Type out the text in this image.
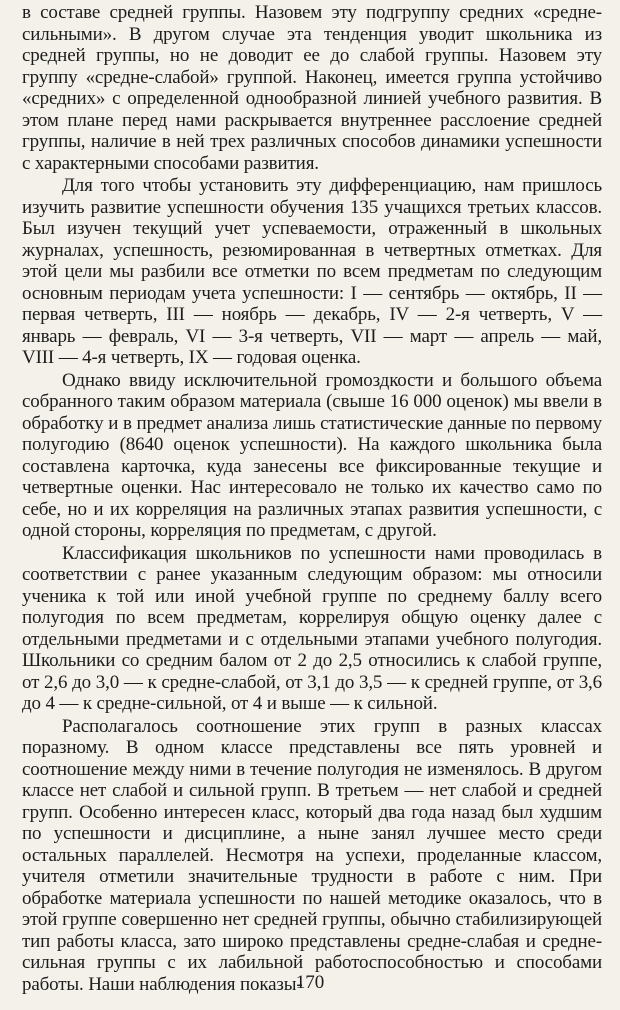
в составе средней группы. Назовем эту подгруппу средних «средне-сильными». В другом случае эта тенденция уводит школьника из средней группы, но не доводит ее до слабой группы. Назовем эту группу «средне-слабой» группой. Наконец, имеется группа устойчиво «средних» с определенной однообразной линией учебного развития. В этом плане перед нами раскрывается внутреннее расслоение средней группы, наличие в ней трех различных способов динамики успешности с характерными способами развития.

Для того чтобы установить эту дифференциацию, нам пришлось изучить развитие успешности обучения 135 учащихся третьих классов. Был изучен текущий учет успеваемости, отраженный в школьных журналах, успешность, резюмированная в четвертных отметках. Для этой цели мы разбили все отметки по всем предметам по следующим основным периодам учета успешности: I — сентябрь — октябрь, II — первая четверть, III — ноябрь — декабрь, IV — 2-я четверть, V — январь — февраль, VI — 3-я четверть, VII — март — апрель — май, VIII — 4-я четверть, IX — годовая оценка.

Однако ввиду исключительной громоздкости и большого объема собранного таким образом материала (свыше 16 000 оценок) мы ввели в обработку и в предмет анализа лишь статистические данные по первому полугодию (8640 оценок успешности). На каждого школьника была составлена карточка, куда занесены все фиксированные текущие и четвертные оценки. Нас интересовало не только их качество само по себе, но и их корреляция на различных этапах развития успешности, с одной стороны, корреляция по предметам, с другой.

Классификация школьников по успешности нами проводилась в соответствии с ранее указанным следующим образом: мы относили ученика к той или иной учебной группе по среднему баллу всего полугодия по всем предметам, коррелируя общую оценку далее с отдельными предметами и с отдельными этапами учебного полугодия. Школьники со средним балом от 2 до 2,5 относились к слабой группе, от 2,6 до 3,0 — к средне-слабой, от 3,1 до 3,5 — к средней группе, от 3,6 до 4 — к средне-сильной, от 4 и выше — к сильной.

Располагалось соотношение этих групп в разных классах поразному. В одном классе представлены все пять уровней и соотношение между ними в течение полугодия не изменялось. В другом классе нет слабой и сильной групп. В третьем — нет слабой и средней групп. Особенно интересен класс, который два года назад был худшим по успешности и дисциплине, а ныне занял лучшее место среди остальных параллелей. Несмотря на успехи, проделанные классом, учителя отметили значительные трудности в работе с ним. При обработке материала успешности по нашей методике оказалось, что в этой группе совершенно нет средней группы, обычно стабилизирующей тип работы класса, зато широко представлены средне-слабая и средне-сильная группы с их лабильной работоспособностью и способами работы. Наши наблюдения показы-

170
